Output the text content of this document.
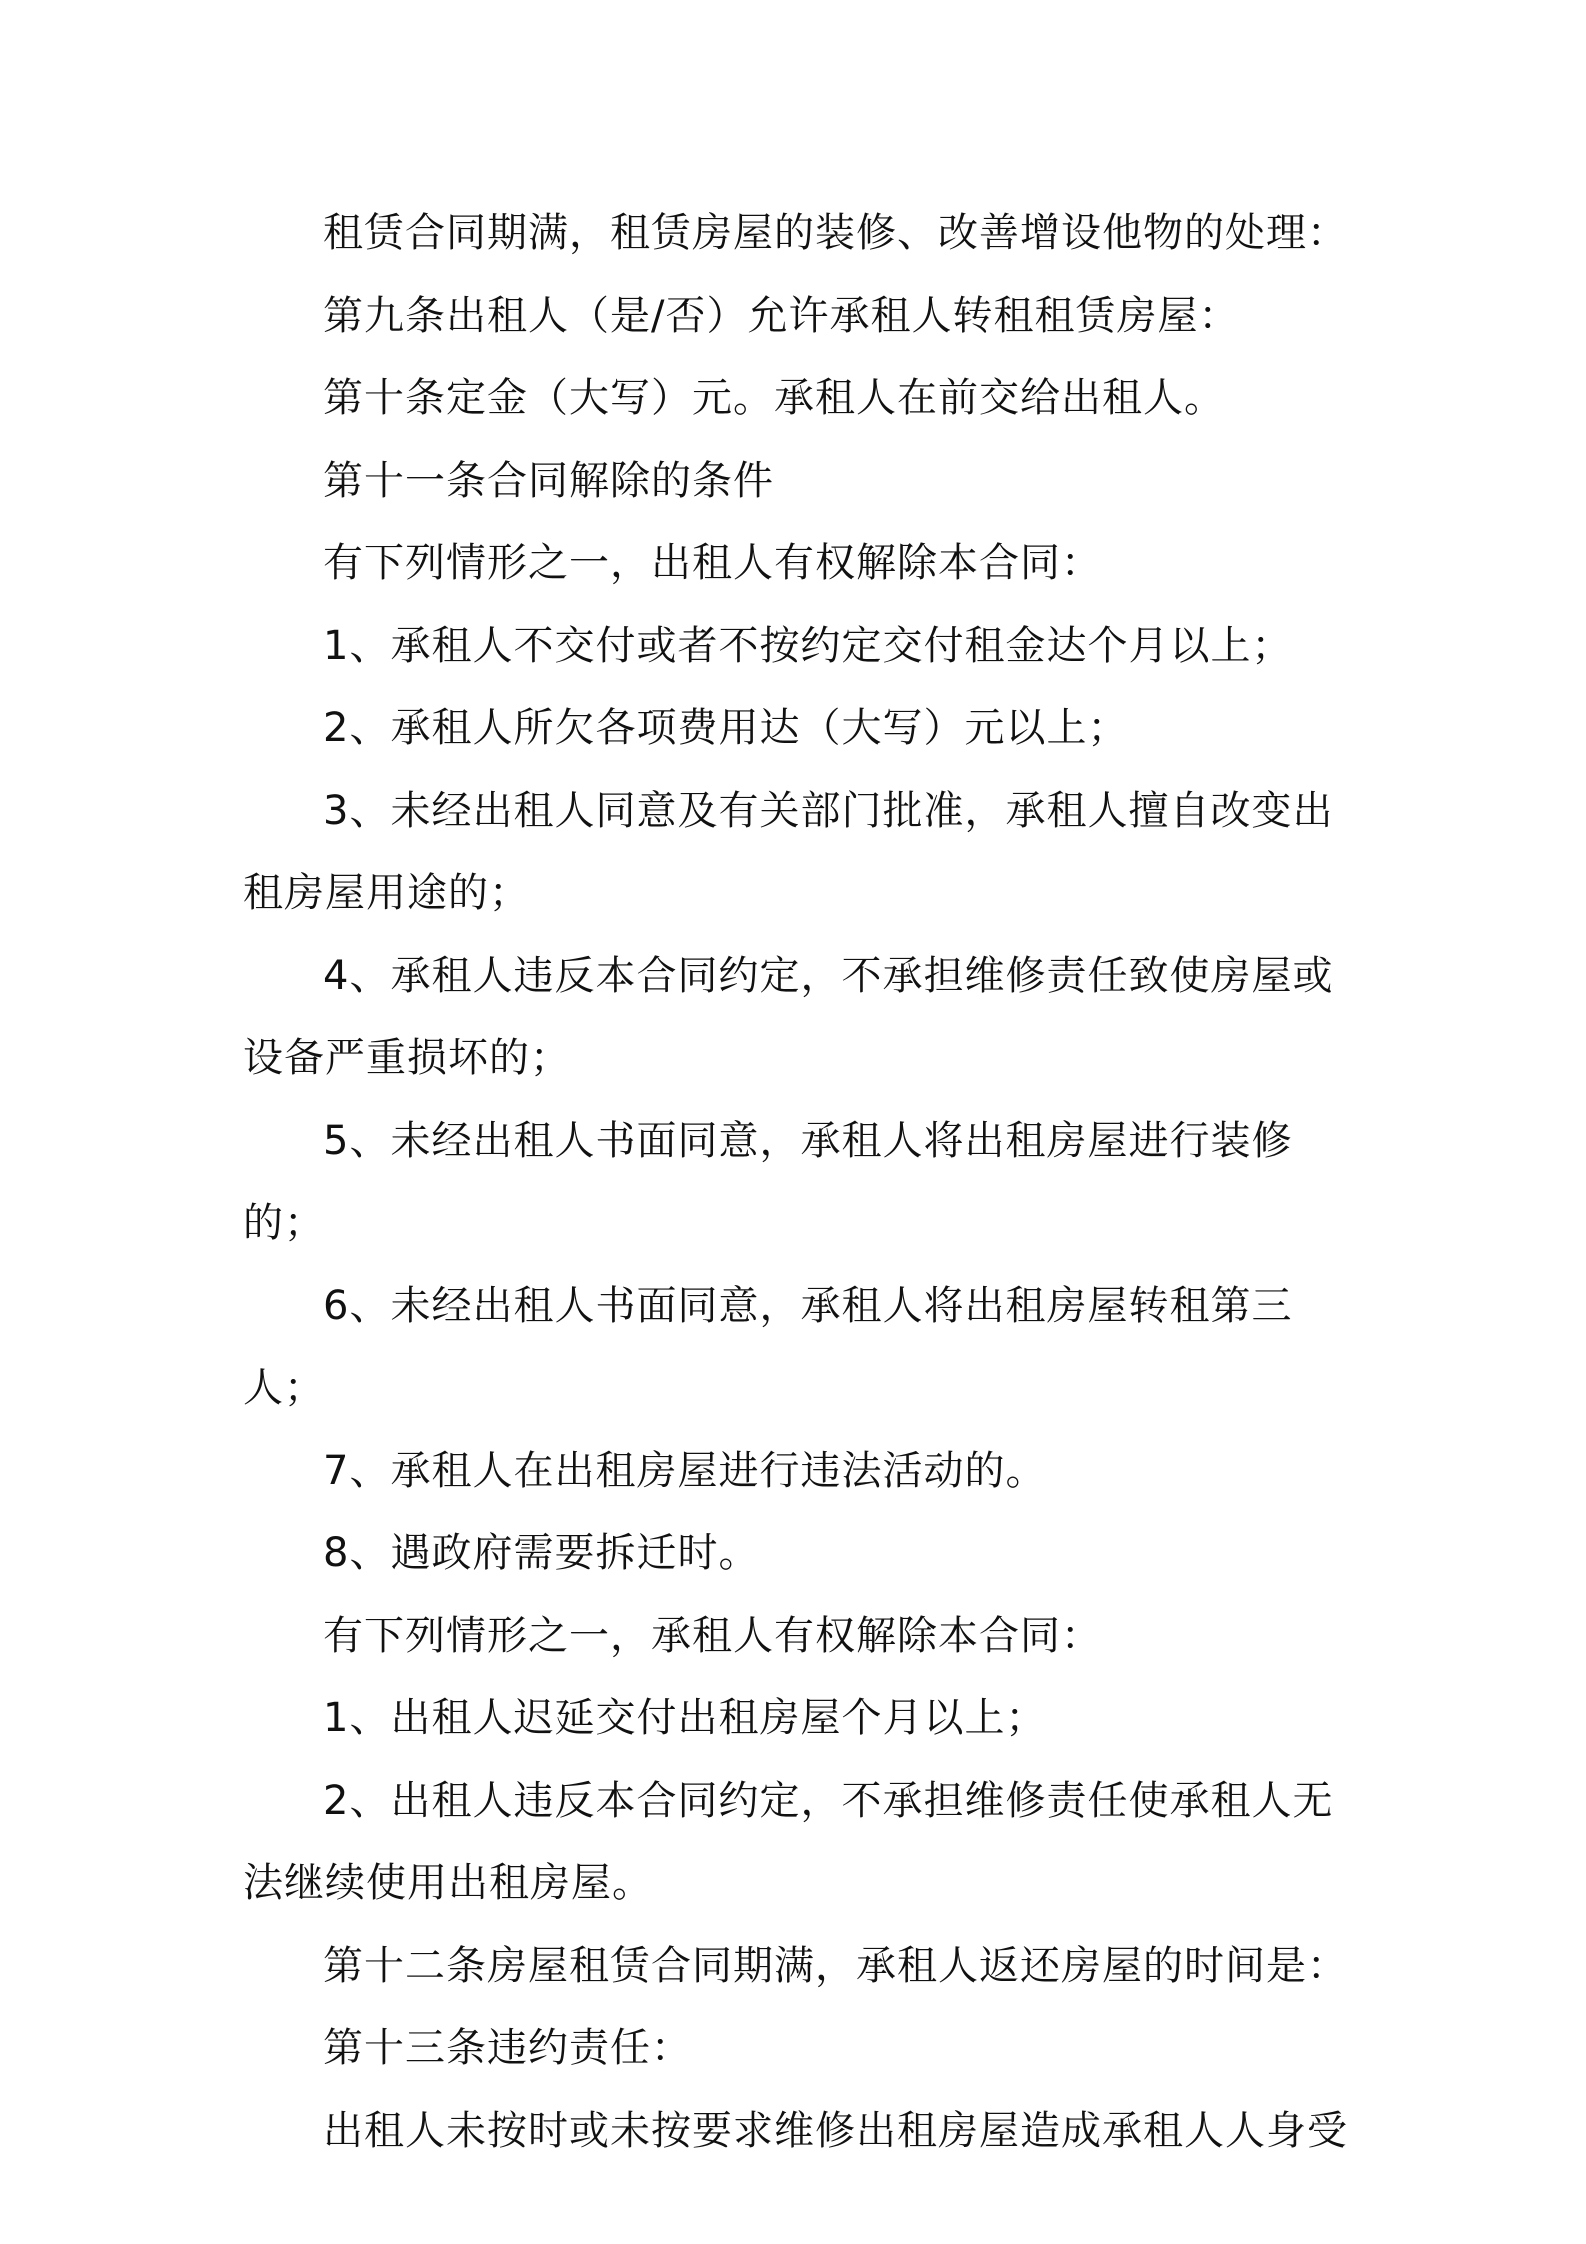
租赁合同期满，租赁房屋的装修、改善增设他物的处理：

第九条出租人（是/否）允许承租人转租租赁房屋：

第十条定金（大写）元。承租人在前交给出租人。

第十一条合同解除的条件

有下列情形之一，出租人有权解除本合同：

1、承租人不交付或者不按约定交付租金达个月以上；

2、承租人所欠各项费用达（大写）元以上；

3、未经出租人同意及有关部门批准，承租人擅自改变出租房屋用途的；

4、承租人违反本合同约定，不承担维修责任致使房屋或设备严重损坏的；

5、未经出租人书面同意，承租人将出租房屋进行装修的；

6、未经出租人书面同意，承租人将出租房屋转租第三人；

7、承租人在出租房屋进行违法活动的。

8、遇政府需要拆迁时。

有下列情形之一，承租人有权解除本合同：

1、出租人迟延交付出租房屋个月以上；

2、出租人违反本合同约定，不承担维修责任使承租人无法继续使用出租房屋。

第十二条房屋租赁合同期满，承租人返还房屋的时间是：

第十三条违约责任：

出租人未按时或未按要求维修出租房屋造成承租人人身受
